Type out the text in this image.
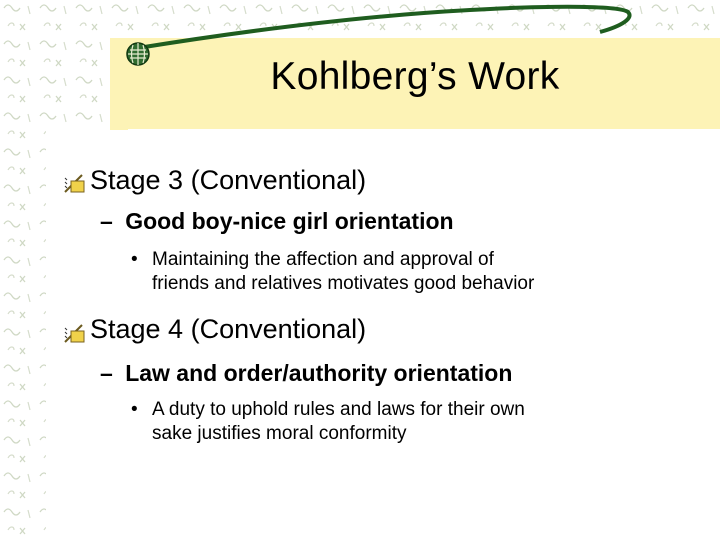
Kohlberg’s Work
Stage 3 (Conventional)
– Good boy-nice girl orientation
• Maintaining the affection and approval of
friends and relatives motivates good behavior
Stage 4 (Conventional)
– Law and order/authority orientation
• A duty to uphold rules and laws for their own
sake justifies moral conformity
